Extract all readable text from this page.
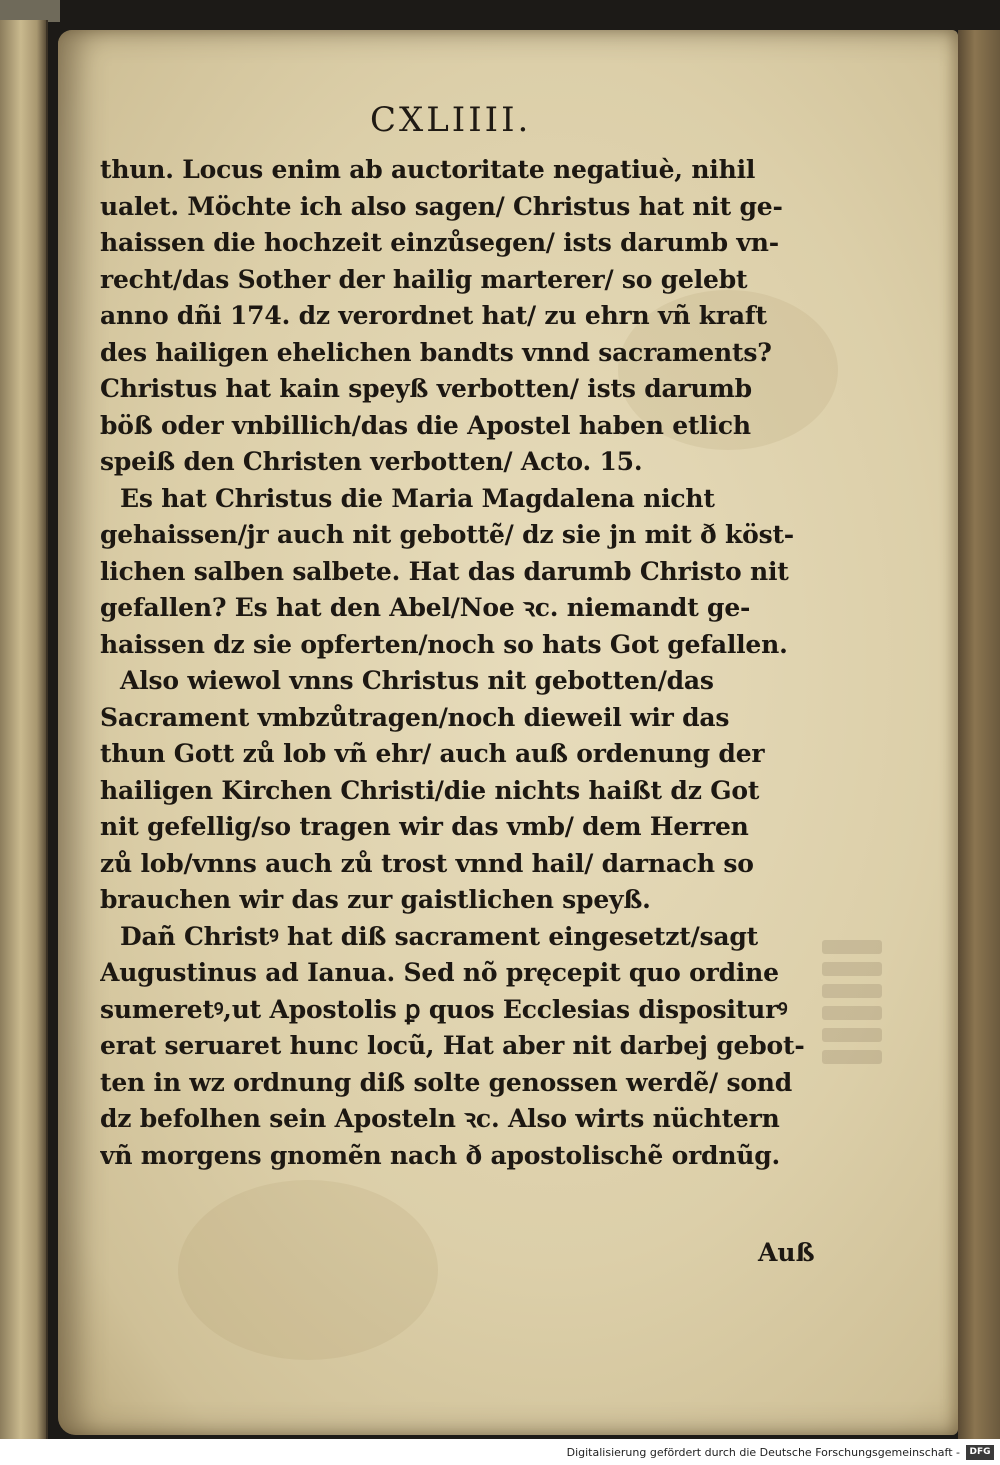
CXLIIII.
thun. Locus enim ab auctoritate negatiuè, nihil
ualet. Möchte ich also sagen/ Christus hat nit ge-
haissen die hochzeit einzůsegen/ ists darumb vn-
recht/das Sother der hailig marterer/ so gelebt
anno dñi 174. dz verordnet hat/ zu ehrn vñ kraft
des hailigen ehelichen bandts vnnd sacraments?
Christus hat kain speyß verbotten/ ists darumb
böß oder vnbillich/das die Apostel haben etlich
speiß den Christen verbotten/ Acto. 15.
Es hat Christus die Maria Magdalena nicht
gehaissen/jr auch nit gebottẽ/ dz sie jn mit ð köst-
lichen salben salbete. Hat das darumb Christo nit
gefallen? Es hat den Abel/Noe ꝛc. niemandt ge-
haissen dz sie opferten/noch so hats Got gefallen.
Also wiewol vnns Christus nit gebotten/das
Sacrament vmbzůtragen/noch dieweil wir das
thun Gott zů lob vñ ehr/ auch auß ordenung der
hailigen Kirchen Christi/die nichts haißt dz Got
nit gefellig/so tragen wir das vmb/ dem Herren
zů lob/vnns auch zů trost vnnd hail/ darnach so
brauchen wir das zur gaistlichen speyß.
Dañ Christꝰ hat diß sacrament eingesetzt/sagt
Augustinus ad Ianua. Sed nõ pręcepit quo ordine
sumeretꝰ,ut Apostolis ꝑ quos Ecclesias dispositurꝰ
erat seruaret hunc locũ, Hat aber nit darbej gebot-
ten in wz ordnung diß solte genossen werdẽ/ sond
dz befolhen sein Aposteln ꝛc. Also wirts nüchtern
vñ morgens gnomẽn nach ð apostolischẽ ordnũg.
Auß
Digitalisierung gefördert durch die Deutsche Forschungsgemeinschaft -	DFG
